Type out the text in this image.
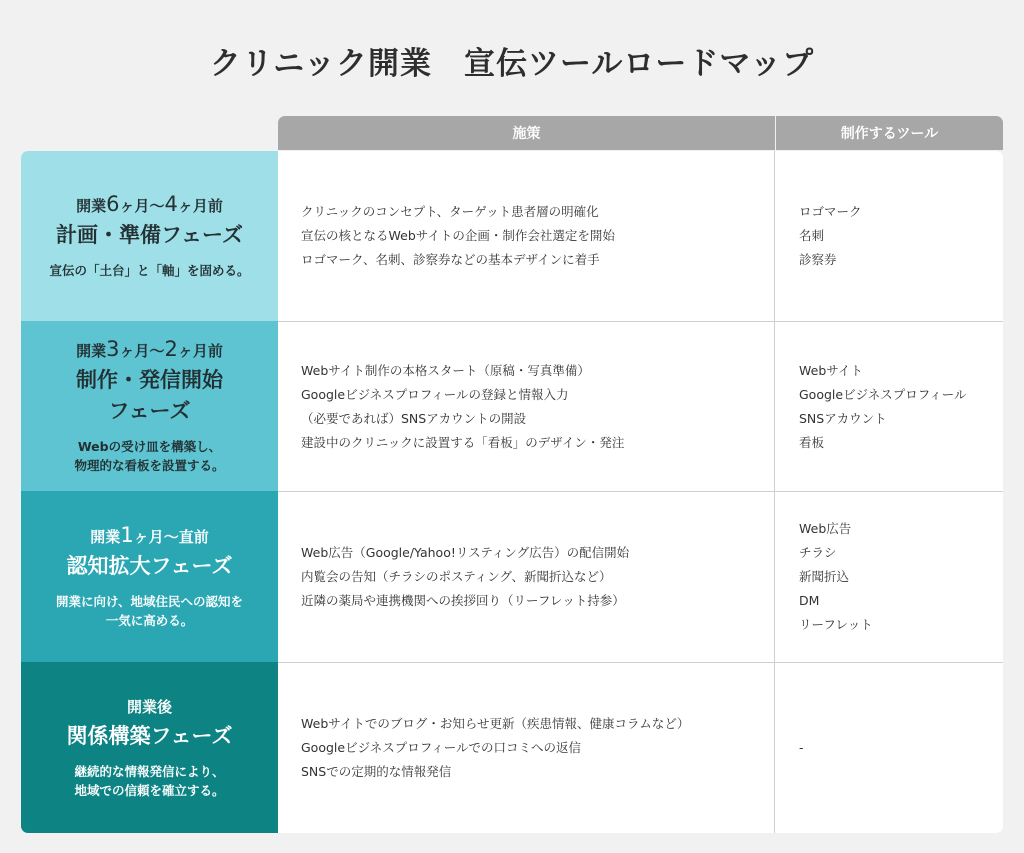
クリニック開業　宣伝ツールロードマップ
施策	制作するツール
開業6ヶ月〜4ヶ月前
計画・準備フェーズ
宣伝の「土台」と「軸」を固める。
クリニックのコンセプト、ターゲット患者層の明確化
宣伝の核となるWebサイトの企画・制作会社選定を開始
ロゴマーク、名刺、診察券などの基本デザインに着手
ロゴマーク
名刺
診察券
開業3ヶ月〜2ヶ月前
制作・発信開始
フェーズ
Webの受け皿を構築し、
物理的な看板を設置する。
Webサイト制作の本格スタート（原稿・写真準備）
Googleビジネスプロフィールの登録と情報入力
（必要であれば）SNSアカウントの開設
建設中のクリニックに設置する「看板」のデザイン・発注
Webサイト
Googleビジネスプロフィール
SNSアカウント
看板
開業1ヶ月〜直前
認知拡大フェーズ
開業に向け、地域住民への認知を
一気に高める。
Web広告（Google/Yahoo!リスティング広告）の配信開始
内覧会の告知（チラシのポスティング、新聞折込など）
近隣の薬局や連携機関への挨拶回り（リーフレット持参）
Web広告
チラシ
新聞折込
DM
リーフレット
開業後
関係構築フェーズ
継続的な情報発信により、
地域での信頼を確立する。
Webサイトでのブログ・お知らせ更新（疾患情報、健康コラムなど）
Googleビジネスプロフィールでの口コミへの返信
SNSでの定期的な情報発信
-
